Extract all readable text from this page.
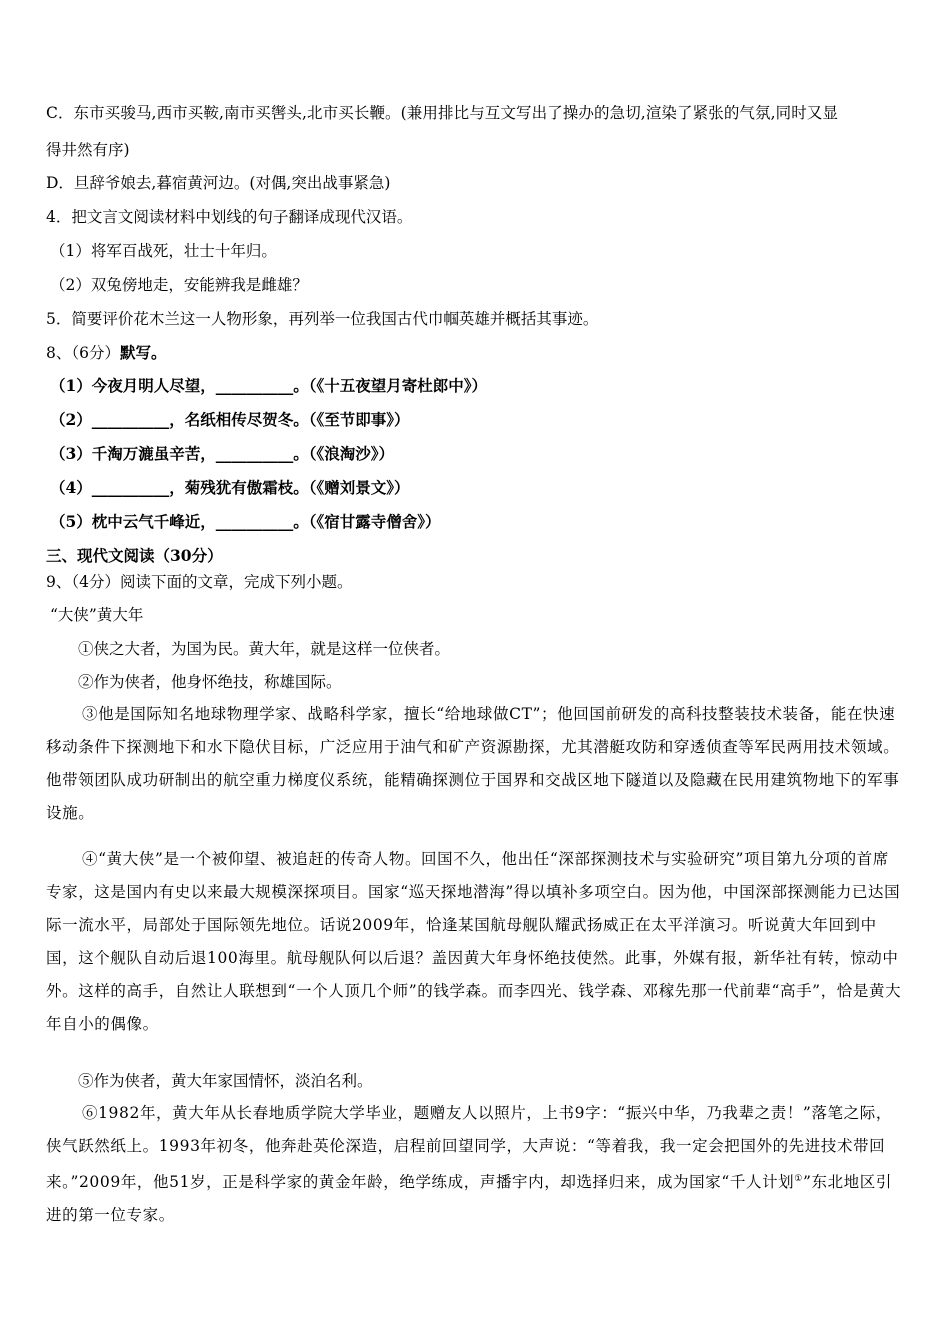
C．东市买骏马,西市买鞍,南市买辔头,北市买长鞭。(兼用排比与互文写出了操办的急切,渲染了紧张的气氛,同时又显
得井然有序)
D．旦辞爷娘去,暮宿黄河边。(对偶,突出战事紧急)
4．把文言文阅读材料中划线的句子翻译成现代汉语。
（1）将军百战死，壮士十年归。
（2）双兔傍地走，安能辨我是雌雄？
5．简要评价花木兰这一人物形象，再列举一位我国古代巾帼英雄并概括其事迹。
8、（6分）默写。
（1）今夜月明人尽望，__________。（《十五夜望月寄杜郎中》）
（2）__________，名纸相传尽贺冬。（《至节即事》）
（3）千淘万漉虽辛苦，__________。（《浪淘沙》）
（4）__________，菊残犹有傲霜枝。（《赠刘景文》）
（5）枕中云气千峰近，__________。（《宿甘露寺僧舍》）
三、现代文阅读（30分）
9、（4分）阅读下面的文章，完成下列小题。
“大侠”黄大年
①侠之大者，为国为民。黄大年，就是这样一位侠者。
②作为侠者，他身怀绝技，称雄国际。
③他是国际知名地球物理学家、战略科学家，擅长“给地球做CT”；他回国前研发的高科技整装技术装备，能在快速移动条件下探测地下和水下隐伏目标，广泛应用于油气和矿产资源勘探，尤其潜艇攻防和穿透侦查等军民两用技术领域。他带领团队成功研制出的航空重力梯度仪系统，能精确探测位于国界和交战区地下隧道以及隐藏在民用建筑物地下的军事设施。
④“黄大侠”是一个被仰望、被追赶的传奇人物。回国不久，他出任“深部探测技术与实验研究”项目第九分项的首席专家，这是国内有史以来最大规模深探项目。国家“巡天探地潜海”得以填补多项空白。因为他，中国深部探测能力已达国际一流水平，局部处于国际领先地位。话说2009年，恰逢某国航母舰队耀武扬威正在太平洋演习。听说黄大年回到中国，这个舰队自动后退100海里。航母舰队何以后退？盖因黄大年身怀绝技使然。此事，外媒有报，新华社有转，惊动中外。这样的高手，自然让人联想到“一个人顶几个师”的钱学森。而李四光、钱学森、邓稼先那一代前辈“高手”，恰是黄大年自小的偶像。
⑤作为侠者，黄大年家国情怀，淡泊名利。
⑥1982年，黄大年从长春地质学院大学毕业，题赠友人以照片，上书9字：“振兴中华，乃我辈之责！”落笔之际，侠气跃然纸上。1993年初冬，他奔赴英伦深造，启程前回望同学，大声说：“等着我，我一定会把国外的先进技术带回来。”2009年，他51岁，正是科学家的黄金年龄，绝学练成，声播宇内，却选择归来，成为国家“千人计划①”东北地区引进的第一位专家。
